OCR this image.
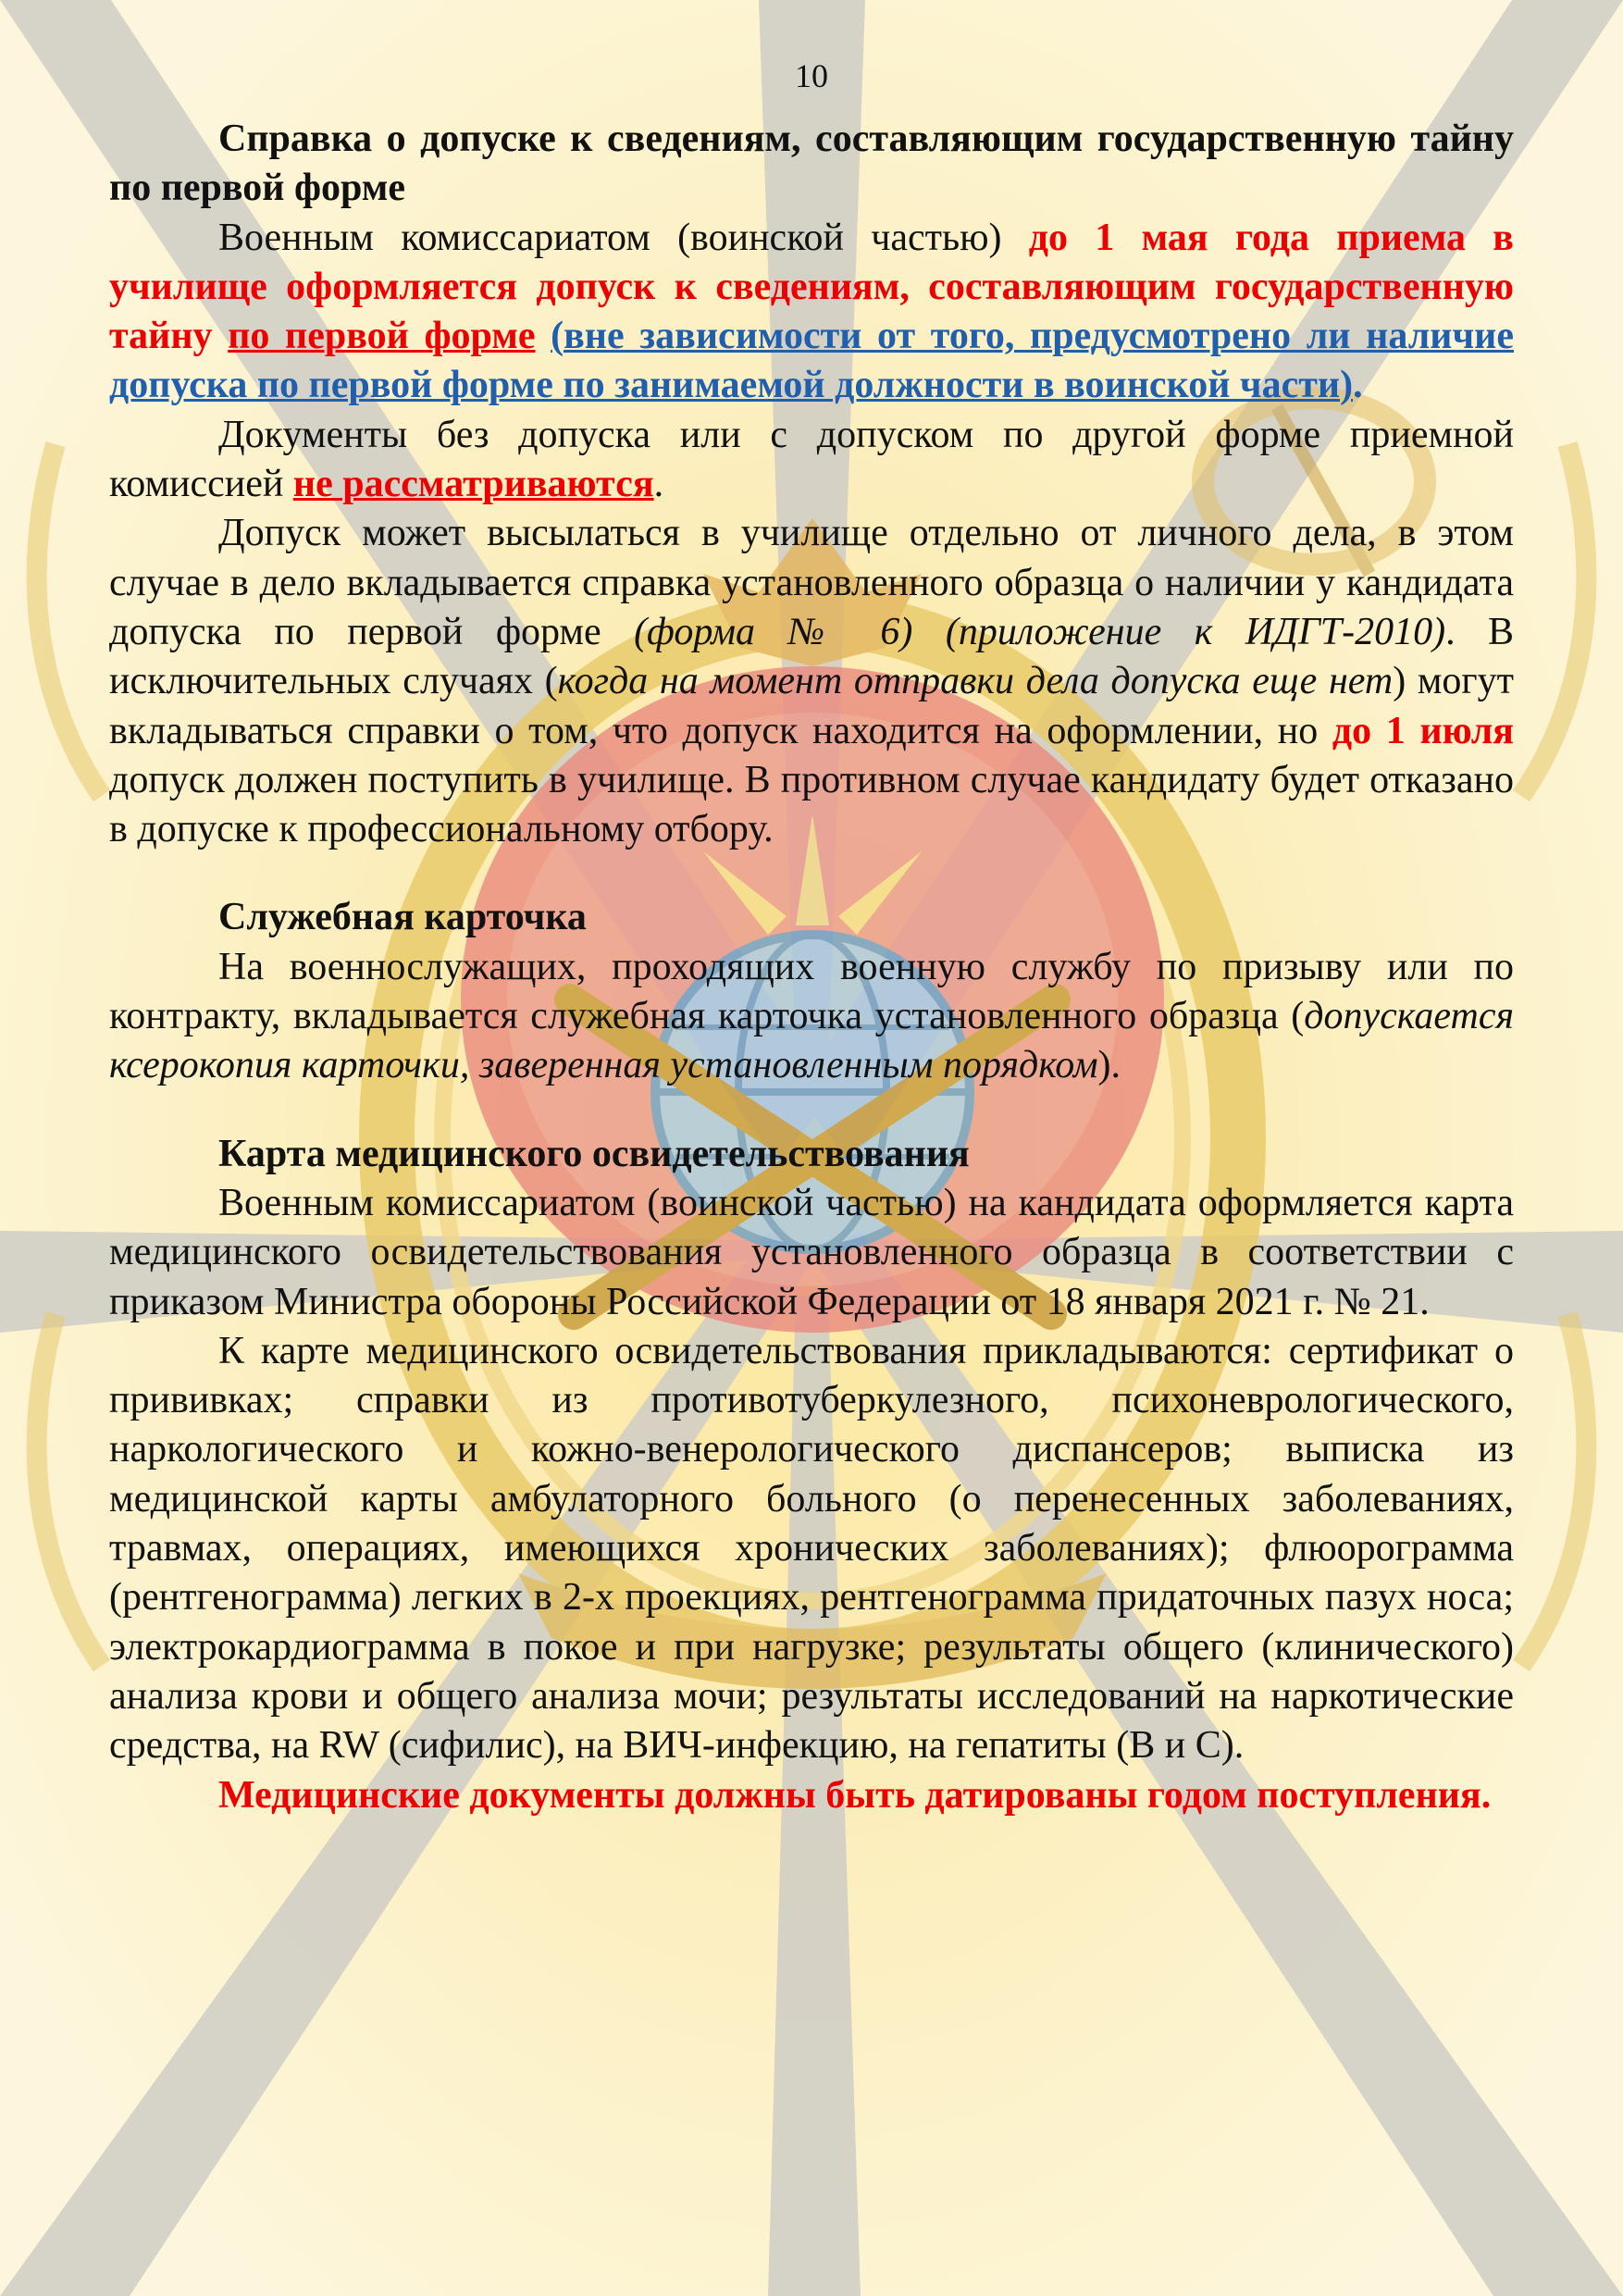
10

Справка о допуске к сведениям, составляющим государственную тайну по первой форме

Военным комиссариатом (воинской частью) до 1 мая года приема в училище оформляется допуск к сведениям, составляющим государственную тайну по первой форме (вне зависимости от того, предусмотрено ли наличие допуска по первой форме по занимаемой должности в воинской части).

Документы без допуска или с допуском по другой форме приемной комиссией не рассматриваются.

Допуск может высылаться в училище отдельно от личного дела, в этом случае в дело вкладывается справка установленного образца о наличии у кандидата допуска по первой форме (форма № 6) (приложение к ИДГТ-2010). В исключительных случаях (когда на момент отправки дела допуска еще нет) могут вкладываться справки о том, что допуск находится на оформлении, но до 1 июля допуск должен поступить в училище. В противном случае кандидату будет отказано в допуске к профессиональному отбору.

Служебная карточка

На военнослужащих, проходящих военную службу по призыву или по контракту, вкладывается служебная карточка установленного образца (допускается ксерокопия карточки, заверенная установленным порядком).

Карта медицинского освидетельствования

Военным комиссариатом (воинской частью) на кандидата оформляется карта медицинского освидетельствования установленного образца в соответствии с приказом Министра обороны Российской Федерации от 18 января 2021 г. № 21.

К карте медицинского освидетельствования прикладываются: сертификат о прививках; справки из противотуберкулезного, психоневрологического, наркологического и кожно-венерологического диспансеров; выписка из медицинской карты амбулаторного больного (о перенесенных заболеваниях, травмах, операциях, имеющихся хронических заболеваниях); флюорограмма (рентгенограмма) легких в 2-х проекциях, рентгенограмма придаточных пазух носа; электрокардиограмма в покое и при нагрузке; результаты общего (клинического) анализа крови и общего анализа мочи; результаты исследований на наркотические средства, на RW (сифилис), на ВИЧ-инфекцию, на гепатиты (В и С).

Медицинские документы должны быть датированы годом поступления.
